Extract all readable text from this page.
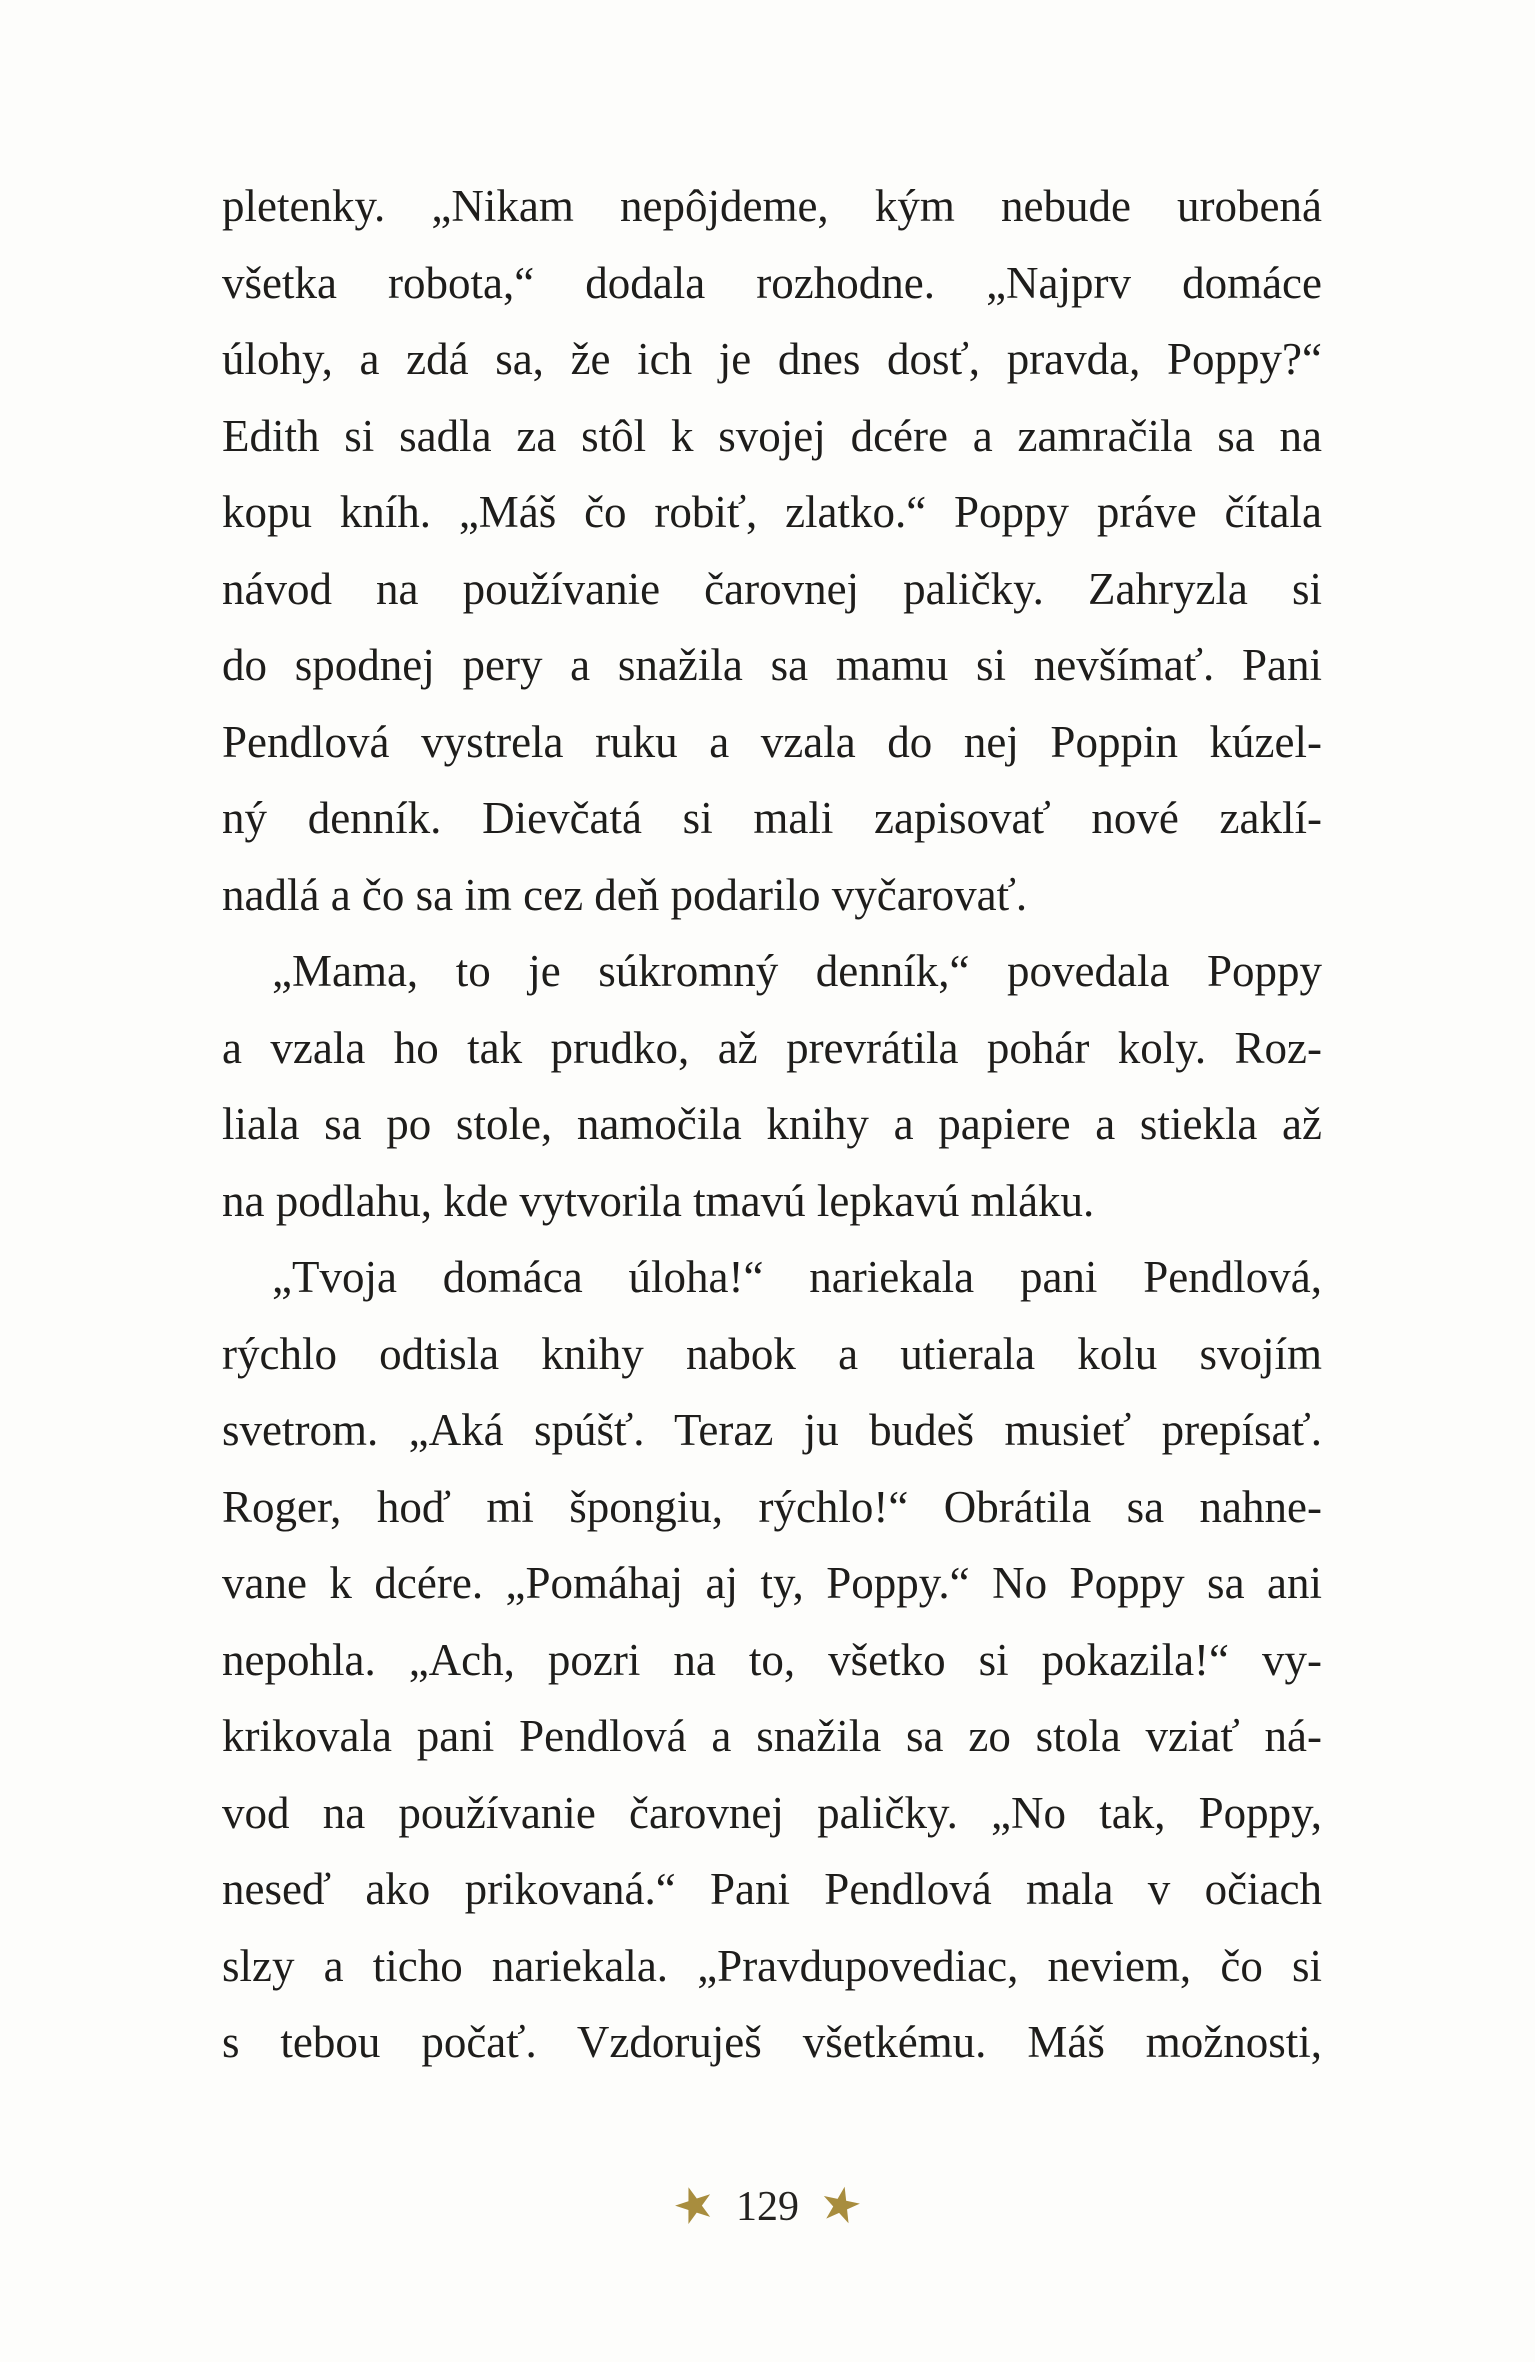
pletenky. „Nikam nepôjdeme, kým nebude urobená
všetka robota,“ dodala rozhodne. „Najprv domáce
úlohy, a zdá sa, že ich je dnes dosť, pravda, Poppy?“
Edith si sadla za stôl k svojej dcére a zamračila sa na
kopu kníh. „Máš čo robiť, zlatko.“ Poppy práve čítala
návod na používanie čarovnej paličky. Zahryzla si
do spodnej pery a snažila sa mamu si nevšímať. Pani
Pendlová vystrela ruku a vzala do nej Poppin kúzel-
ný denník. Dievčatá si mali zapisovať nové zaklí-
nadlá a čo sa im cez deň podarilo vyčarovať.
„Mama, to je súkromný denník,“ povedala Poppy
a vzala ho tak prudko, až prevrátila pohár koly. Roz-
liala sa po stole, namočila knihy a papiere a stiekla až
na podlahu, kde vytvorila tmavú lepkavú mláku.
„Tvoja domáca úloha!“ nariekala pani Pendlová,
rýchlo odtisla knihy nabok a utierala kolu svojím
svetrom. „Aká spúšť. Teraz ju budeš musieť prepísať.
Roger, hoď mi špongiu, rýchlo!“ Obrátila sa nahne-
vane k dcére. „Pomáhaj aj ty, Poppy.“ No Poppy sa ani
nepohla. „Ach, pozri na to, všetko si pokazila!“ vy-
krikovala pani Pendlová a snažila sa zo stola vziať ná-
vod na používanie čarovnej paličky. „No tak, Poppy,
neseď ako prikovaná.“ Pani Pendlová mala v očiach
slzy a ticho nariekala. „Pravdupovediac, neviem, čo si
s tebou počať. Vzdoruješ všetkému. Máš možnosti,
★ 129 ★
